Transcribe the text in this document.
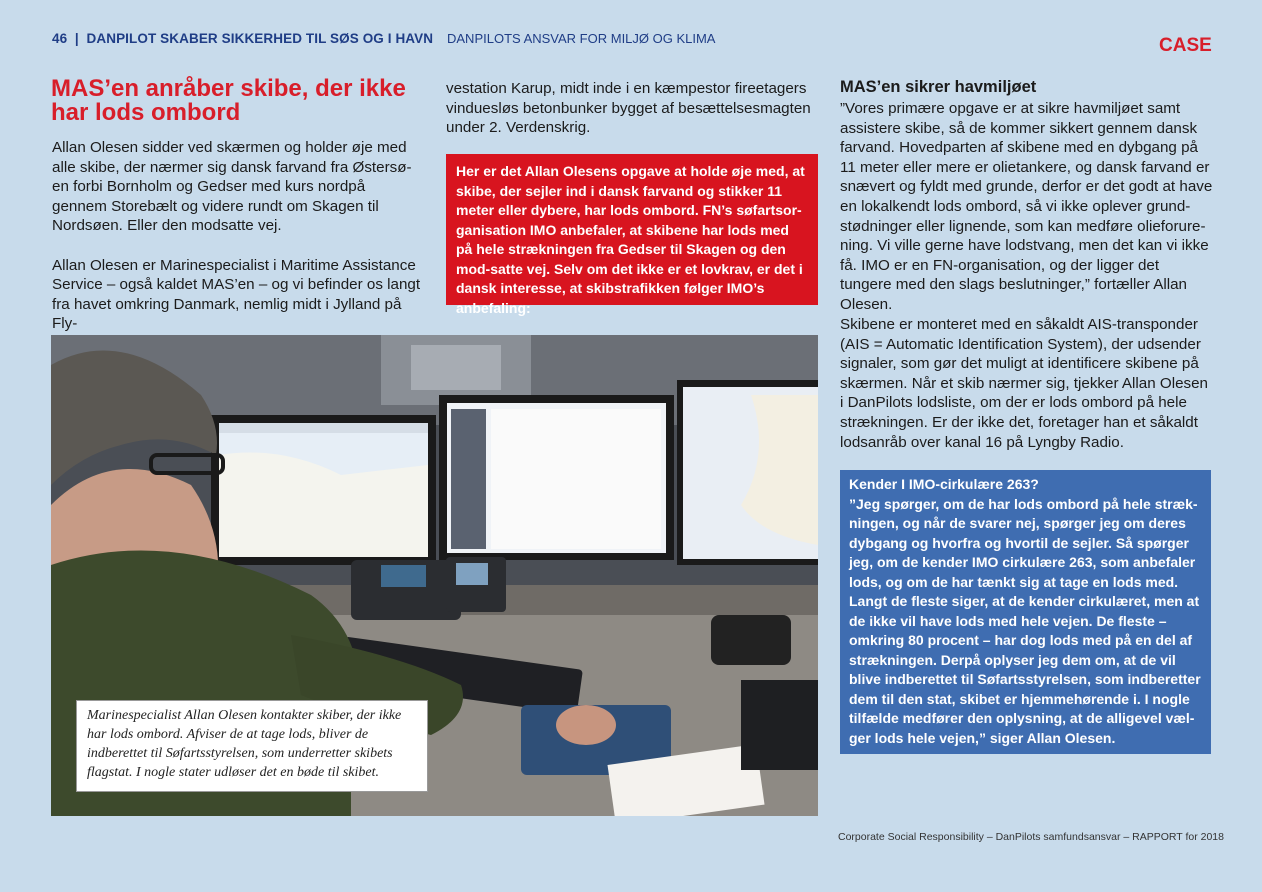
46  |  DANPILOT SKABER SIKKERHED TIL SØS OG I HAVN DANPILOTS ANSVAR FOR MILJØ OG KLIMA	CASE
MAS’en anråber skibe, der ikke har lods ombord

Allan Olesen sidder ved skærmen og holder øje med alle skibe, der nærmer sig dansk farvand fra Østersø-en forbi Bornholm og Gedser med kurs nordpå gennem Storebælt og videre rundt om Skagen til Nordsøen. Eller den modsatte vej.

Allan Olesen er Marinespecialist i Maritime Assistance Service – også kaldet MAS’en – og vi befinder os langt fra havet omkring Danmark, nemlig midt i Jylland på Fly-

vestation Karup, midt inde i en kæmpestor fireetagers vinduesløs betonbunker bygget af besættelsesmagten under 2. Verdenskrig.

Her er det Allan Olesens opgave at holde øje med, at skibe, der sejler ind i dansk farvand og stikker 11 meter eller dybere, har lods ombord. FN’s søfartsor-ganisation IMO anbefaler, at skibene har lods med på hele strækningen fra Gedser til Skagen og den mod-satte vej. Selv om det ikke er et lovkrav, er det i dansk interesse, at skibstrafikken følger IMO’s anbefaling:
MAS’en sikrer havmiljøet

”Vores primære opgave er at sikre havmiljøet samt assistere skibe, så de kommer sikkert gennem dansk farvand. Hovedparten af skibene med en dybgang på 11 meter eller mere er olietankere, og dansk farvand er snævert og fyldt med grunde, derfor er det godt at have en lokalkendt lods ombord, så vi ikke oplever grund-stødninger eller lignende, som kan medføre olieforure-ning. Vi ville gerne have lodstvang, men det kan vi ikke få. IMO er en FN-organisation, og der ligger det tungere med den slags beslutninger,” fortæller Allan Olesen.

Skibene er monteret med en såkaldt AIS-transponder (AIS = Automatic Identification System), der udsender signaler, som gør det muligt at identificere skibene på skærmen. Når et skib nærmer sig, tjekker Allan Olesen i DanPilots lodsliste, om der er lods ombord på hele strækningen. Er der ikke det, foretager han et såkaldt lodsanråb over kanal 16 på Lyngby Radio.

Kender I IMO-cirkulære 263?
”Jeg spørger, om de har lods ombord på hele stræk-ningen, og når de svarer nej, spørger jeg om deres dybgang og hvorfra og hvortil de sejler. Så spørger jeg, om de kender IMO cirkulære 263, som anbefaler lods, og om de har tænkt sig at tage en lods med. Langt de fleste siger, at de kender cirkulæret, men at de ikke vil have lods med hele vejen. De fleste – omkring 80 procent – har dog lods med på en del af strækningen. Derpå oplyser jeg dem om, at de vil blive indberettet til Søfartsstyrelsen, som indberetter dem til den stat, skibet er hjemmehørende i. I nogle tilfælde medfører den oplysning, at de alligevel væl-ger lods hele vejen,” siger Allan Olesen.
Marinespecialist Allan Olesen kontakter skiber, der ikke har lods ombord. Afviser de at tage lods, bliver de indberettet til Søfartsstyrelsen, som underretter skibets flagstat. I nogle stater udløser det en bøde til skibet.
Corporate Social Responsibility – DanPilots samfundsansvar – RAPPORT for 2018
